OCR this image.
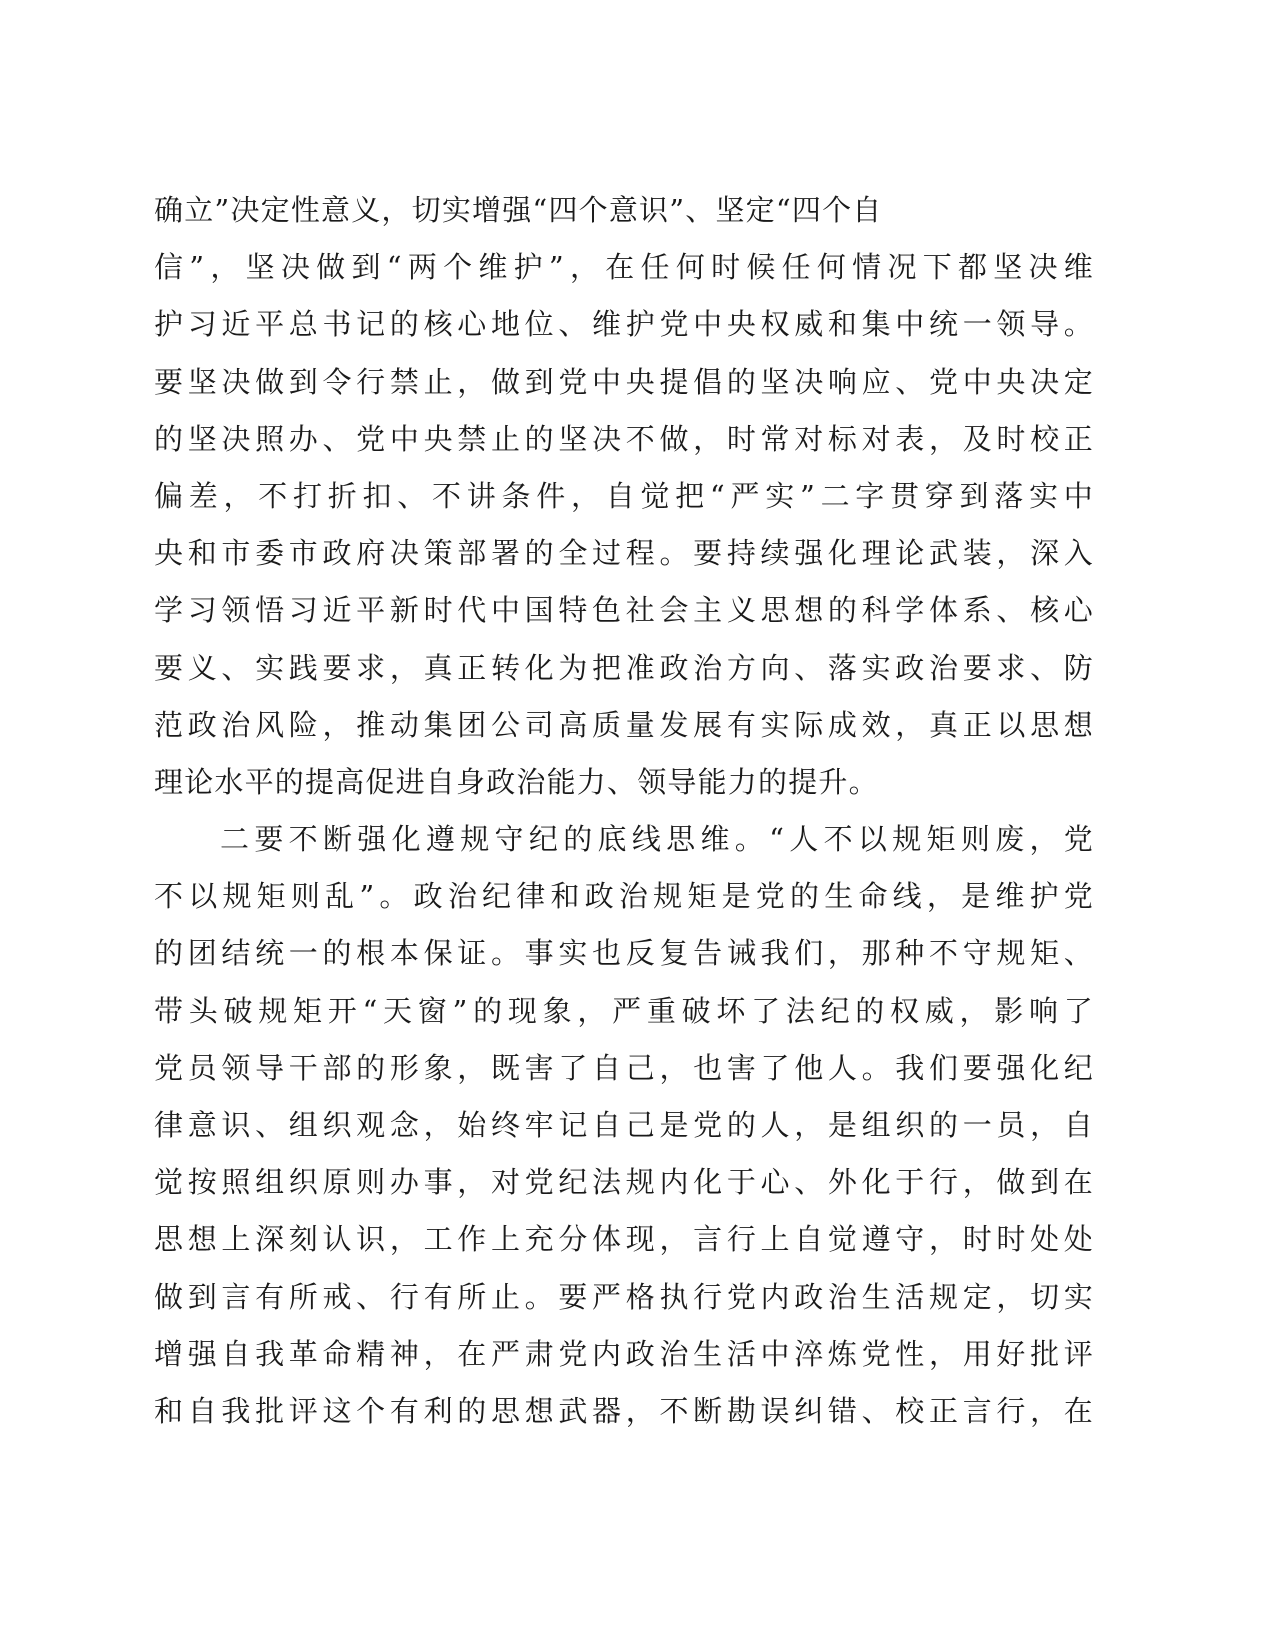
确立”决定性意义，切实增强“四个意识”、坚定“四个自
信”，坚决做到“两个维护”，在任何时候任何情况下都坚决维
护习近平总书记的核心地位、维护党中央权威和集中统一领导。
要坚决做到令行禁止，做到党中央提倡的坚决响应、党中央决定
的坚决照办、党中央禁止的坚决不做，时常对标对表，及时校正
偏差，不打折扣、不讲条件，自觉把“严实”二字贯穿到落实中
央和市委市政府决策部署的全过程。要持续强化理论武装，深入
学习领悟习近平新时代中国特色社会主义思想的科学体系、核心
要义、实践要求，真正转化为把准政治方向、落实政治要求、防
范政治风险，推动集团公司高质量发展有实际成效，真正以思想
理论水平的提高促进自身政治能力、领导能力的提升。
二要不断强化遵规守纪的底线思维。“人不以规矩则废，党
不以规矩则乱”。政治纪律和政治规矩是党的生命线，是维护党
的团结统一的根本保证。事实也反复告诫我们，那种不守规矩、
带头破规矩开“天窗”的现象，严重破坏了法纪的权威，影响了
党员领导干部的形象，既害了自己，也害了他人。我们要强化纪
律意识、组织观念，始终牢记自己是党的人，是组织的一员，自
觉按照组织原则办事，对党纪法规内化于心、外化于行，做到在
思想上深刻认识，工作上充分体现，言行上自觉遵守，时时处处
做到言有所戒、行有所止。要严格执行党内政治生活规定，切实
增强自我革命精神，在严肃党内政治生活中淬炼党性，用好批评
和自我批评这个有利的思想武器，不断勘误纠错、校正言行，在
